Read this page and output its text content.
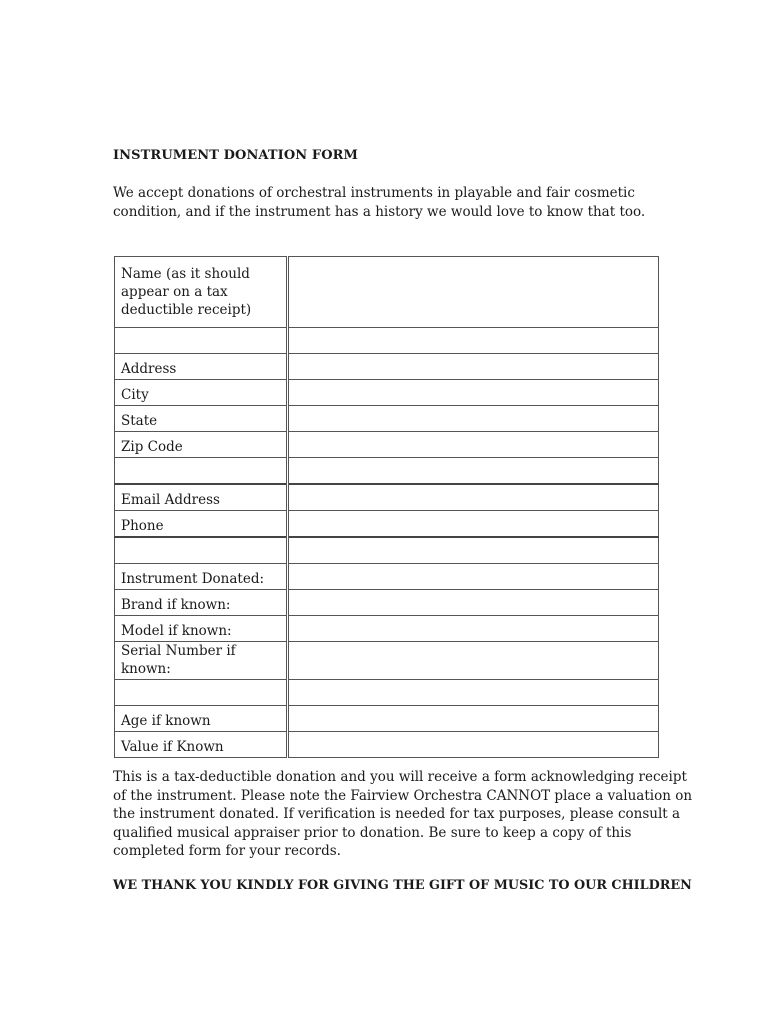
INSTRUMENT DONATION FORM
We accept donations of orchestral instruments in playable and fair cosmetic
condition, and if the instrument has a history we would love to know that too.
Name (as it should
appear on a tax
deductible receipt)	

Address	

City	

State	

Zip Code	

Email Address	

Phone	

Instrument Donated:	

Brand if known:	

Model if known:	

Serial Number if known:	

Age if known	

Value if Known	

This is a tax-deductible donation and you will receive a form acknowledging receipt
of the instrument. Please note the Fairview Orchestra CANNOT place a valuation on
the instrument donated. If verification is needed for tax purposes, please consult a
qualified musical appraiser prior to donation. Be sure to keep a copy of this
completed form for your records.
WE THANK YOU KINDLY FOR GIVING THE GIFT OF MUSIC TO OUR CHILDREN
